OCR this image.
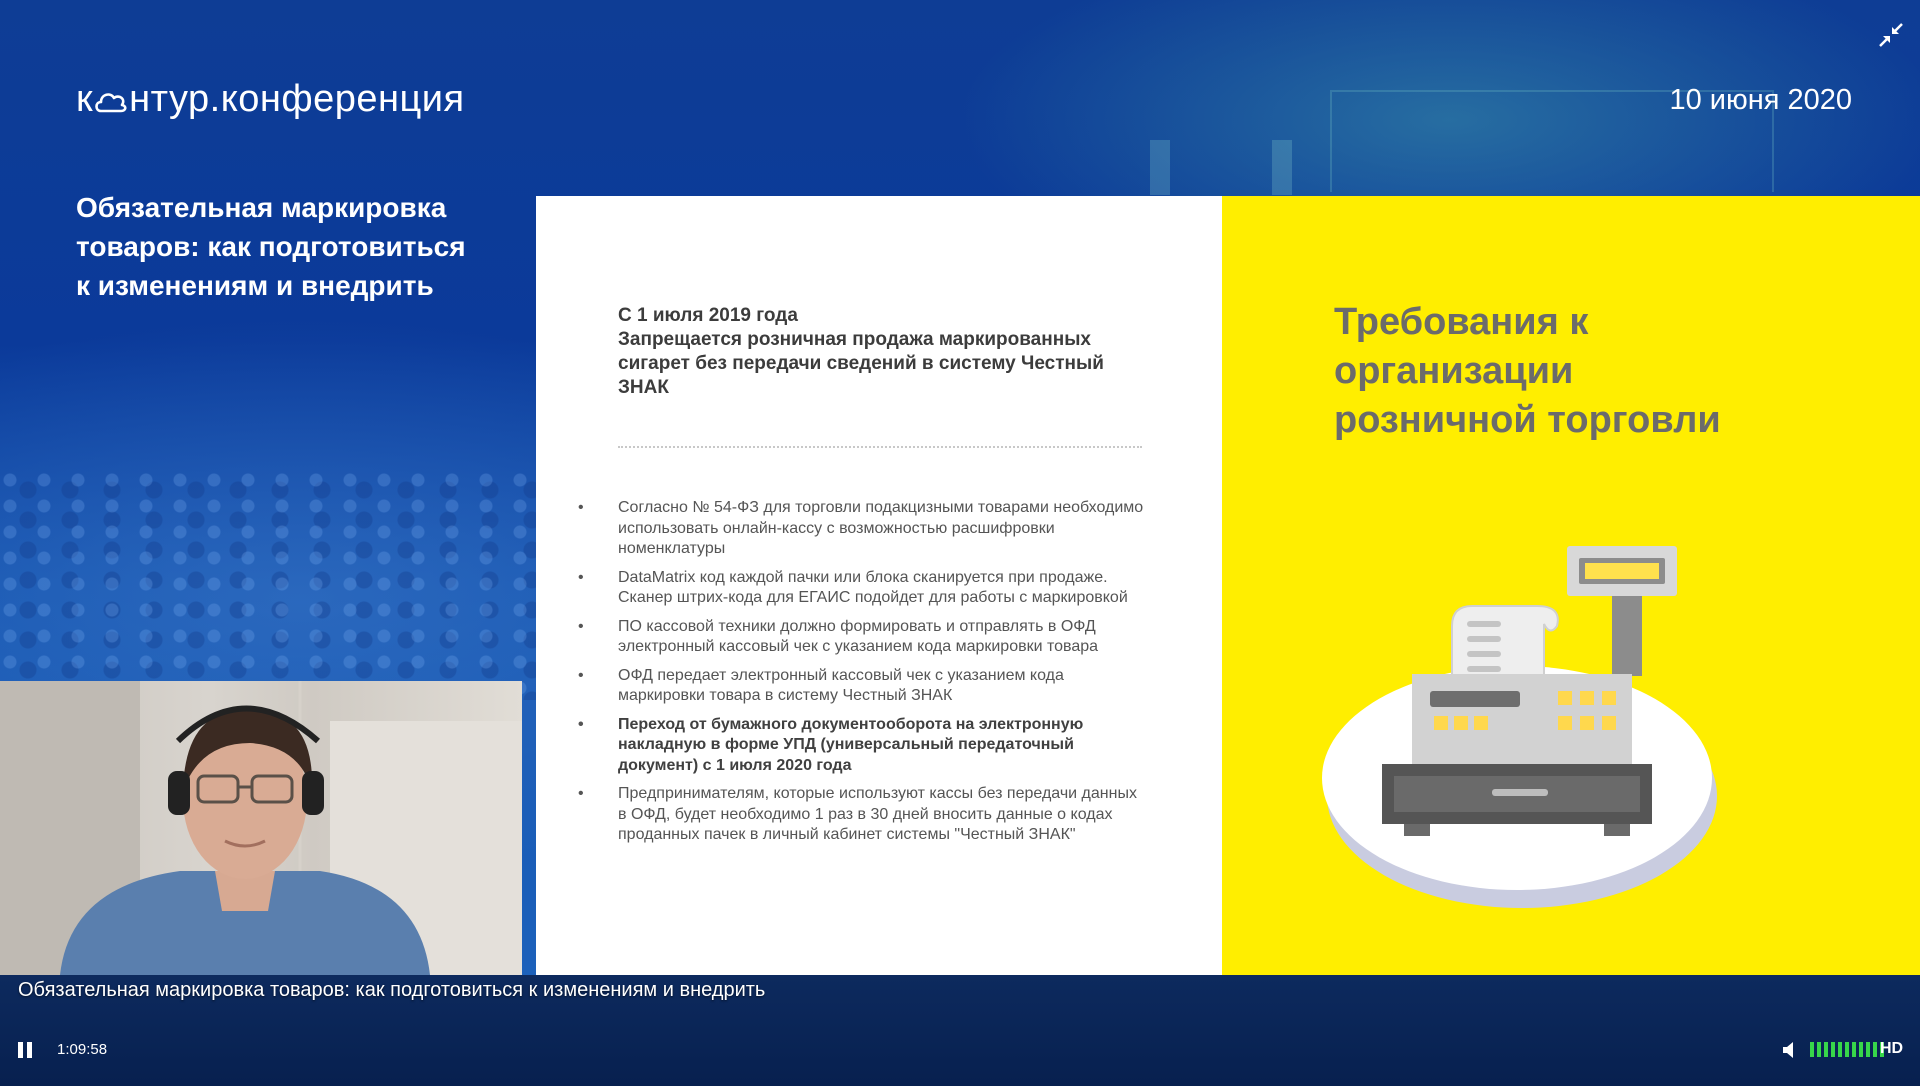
к нтур.конференция	10 июня 2020
Обязательная маркировка
товаров: как подготовиться
к изменениям и внедрить
С 1 июля 2019 года
Запрещается розничная продажа маркированных
сигарет без передачи сведений в систему Честный
ЗНАК
• Согласно № 54-ФЗ для торговли подакцизными товарами необходимо использовать онлайн-кассу с возможностью расшифровки номенклатуры
• DataMatrix код каждой пачки или блока сканируется при продаже. Сканер штрих-кода для ЕГАИС подойдет для работы с маркировкой
• ПО кассовой техники должно формировать и отправлять в ОФД электронный кассовый чек с указанием кода маркировки товара
• ОФД передает электронный кассовый чек с указанием кода маркировки товара в систему Честный ЗНАК
• Переход от бумажного документооборота на электронную накладную в форме УПД (универсальный передаточный документ) с 1 июля 2020 года
• Предпринимателям, которые используют кассы без передачи данных в ОФД, будет необходимо 1 раз в 30 дней вносить данные о кодах проданных пачек в личный кабинет системы "Честный ЗНАК"
Требования к
организации
розничной торговли
Обязательная маркировка товаров: как подготовиться к изменениям и внедрить
1:09:58	HD
